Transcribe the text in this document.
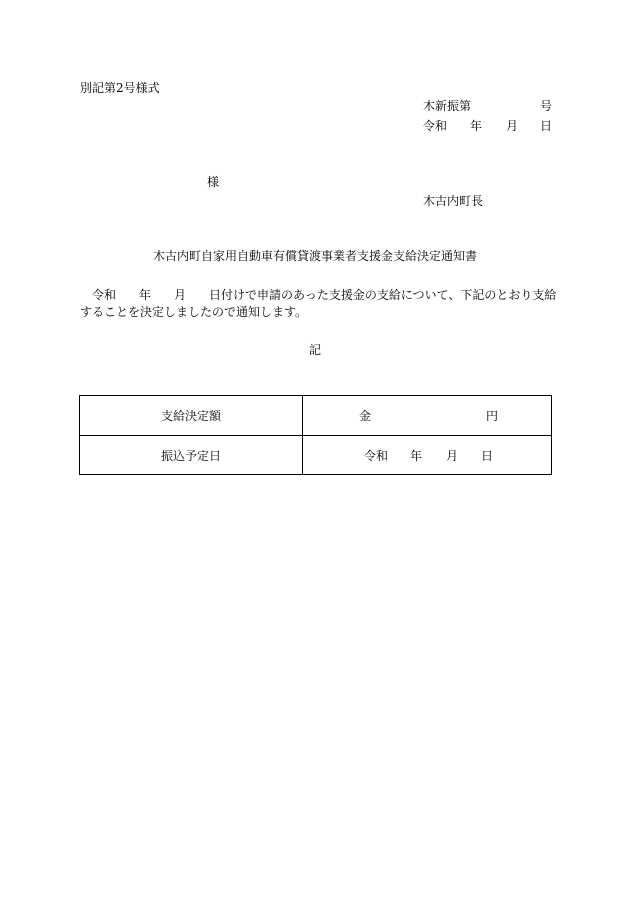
別記第2号様式
木新振第	号

令和

年

月

日

様
木古内町長
木古内町自家用自動車有償貸渡事業者支援金支給決定通知書

令和

年

月

日付けで申請のあった支援金の支給について、下記のとおり支給

することを決定しましたので通知します。
記
支給決定額	金	円
振込予定日	令和 年 月 日
